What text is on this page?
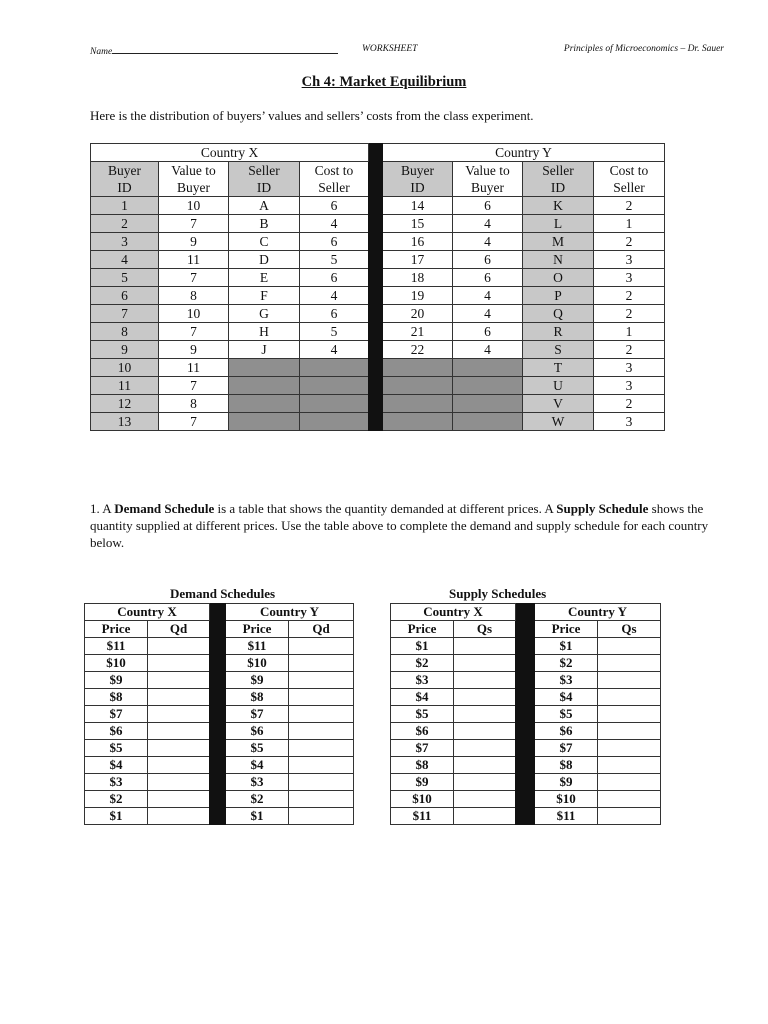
Name	WORKSHEET	Principles of Microeconomics – Dr. Sauer
Ch 4: Market Equilibrium
Here is the distribution of buyers’ values and sellers’ costs from the class experiment.
Country X					Country Y			
Buyer	Value to	Seller	Cost to		Buyer	Value to	Seller	Cost to
ID	Buyer	ID	Seller		ID	Buyer	ID	Seller
1	10	A	6		14	6	K	2
2	7	B	4		15	4	L	1
3	9	C	6		16	4	M	2
4	11	D	5		17	6	N	3
5	7	E	6		18	6	O	3
6	8	F	4		19	4	P	2
7	10	G	6		20	4	Q	2
8	7	H	5		21	6	R	1
9	9	J	4		22	4	S	2
10	11						T	3
11	7						U	3
12	8						V	2
13	7						W	3
1. A Demand Schedule is a table that shows the quantity demanded at different prices. A Supply Schedule shows the quantity supplied at different prices. Use the table above to complete the demand and supply schedule for each country below.
Demand Schedules	Supply Schedules
Country X			Country Y			Country X			Country Y	
Price	Qd		Price	Qd		Price	Qs		Price	Qs
$11			$11			$1			$1	
$10			$10			$2			$2	
$9			$9			$3			$3	
$8			$8			$4			$4	
$7			$7			$5			$5	
$6			$6			$6			$6	
$5			$5			$7			$7	
$4			$4			$8			$8	
$3			$3			$9			$9	
$2			$2			$10			$10	
$1			$1			$11			$11	
